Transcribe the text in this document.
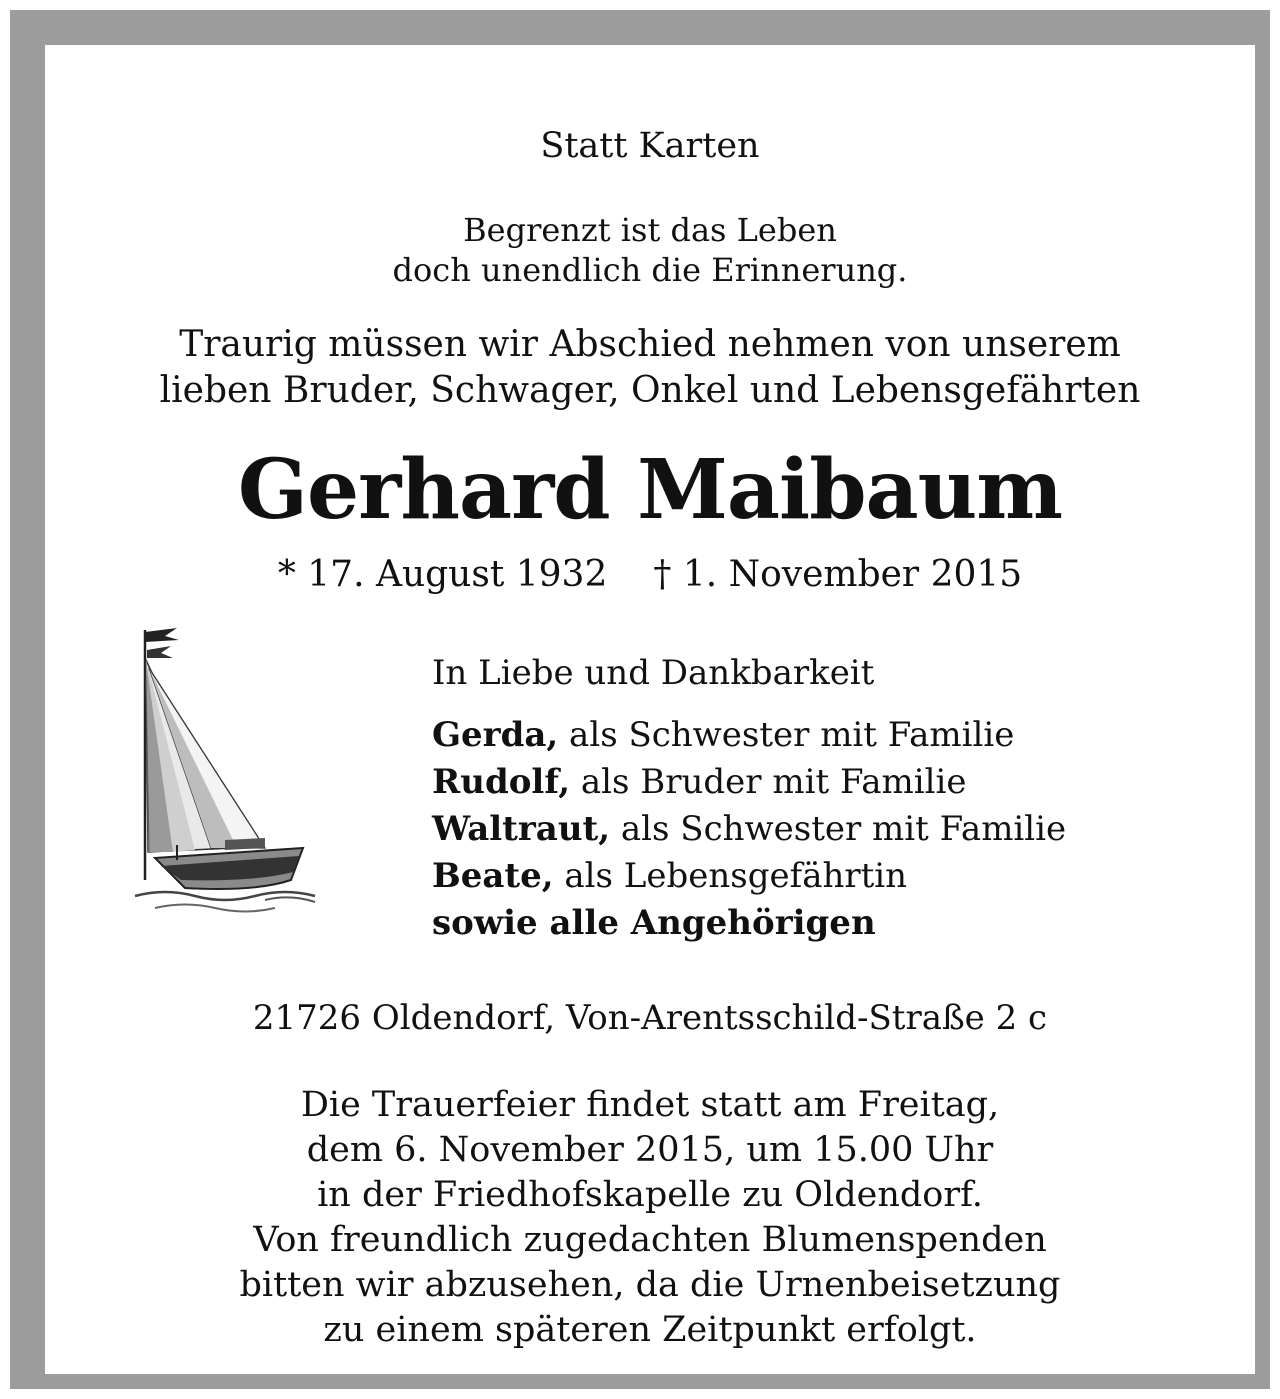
Statt Karten
Begrenzt ist das Leben
doch unendlich die Erinnerung.
Traurig müssen wir Abschied nehmen von unserem
lieben Bruder, Schwager, Onkel und Lebensgefährten
Gerhard Maibaum
* 17. August 1932 † 1. November 2015
In Liebe und Dankbarkeit
Gerda, als Schwester mit Familie
Rudolf, als Bruder mit Familie
Waltraut, als Schwester mit Familie
Beate, als Lebensgefährtin
sowie alle Angehörigen
21726 Oldendorf, Von-Arentsschild-Straße 2 c
Die Trauerfeier findet statt am Freitag,
dem 6. November 2015, um 15.00 Uhr
in der Friedhofskapelle zu Oldendorf.
Von freundlich zugedachten Blumenspenden
bitten wir abzusehen, da die Urnenbeisetzung
zu einem späteren Zeitpunkt erfolgt.
